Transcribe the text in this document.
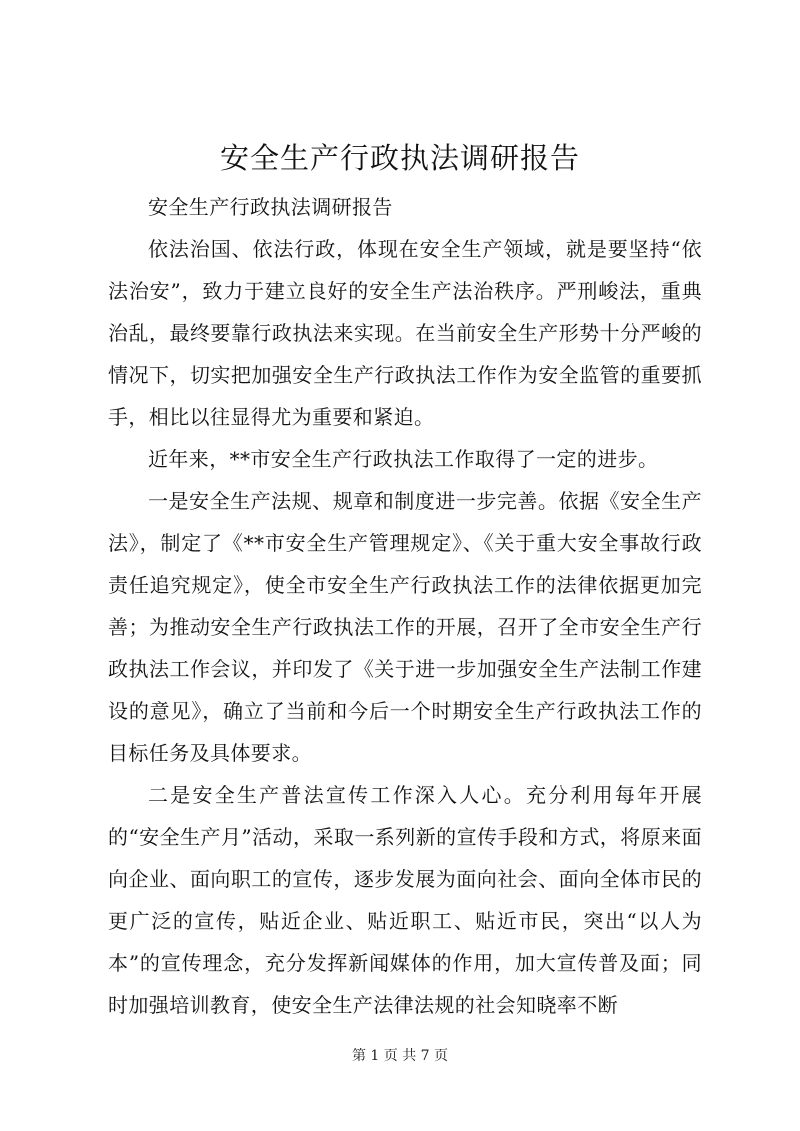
安全生产行政执法调研报告

安全生产行政执法调研报告

依法治国、依法行政，体现在安全生产领域，就是要坚持“依法治安”，致力于建立良好的安全生产法治秩序。严刑峻法，重典治乱，最终要靠行政执法来实现。在当前安全生产形势十分严峻的情况下，切实把加强安全生产行政执法工作作为安全监管的重要抓手，相比以往显得尤为重要和紧迫。

近年来，**市安全生产行政执法工作取得了一定的进步。

一是安全生产法规、规章和制度进一步完善。依据《安全生产法》，制定了《**市安全生产管理规定》、《关于重大安全事故行政责任追究规定》，使全市安全生产行政执法工作的法律依据更加完善；为推动安全生产行政执法工作的开展，召开了全市安全生产行政执法工作会议，并印发了《关于进一步加强安全生产法制工作建设的意见》，确立了当前和今后一个时期安全生产行政执法工作的目标任务及具体要求。

二是安全生产普法宣传工作深入人心。充分利用每年开展的“安全生产月”活动，采取一系列新的宣传手段和方式，将原来面向企业、面向职工的宣传，逐步发展为面向社会、面向全体市民的更广泛的宣传，贴近企业、贴近职工、贴近市民，突出“以人为本”的宣传理念，充分发挥新闻媒体的作用，加大宣传普及面；同时加强培训教育，使安全生产法律法规的社会知晓率不断

第 1 页 共 7 页
